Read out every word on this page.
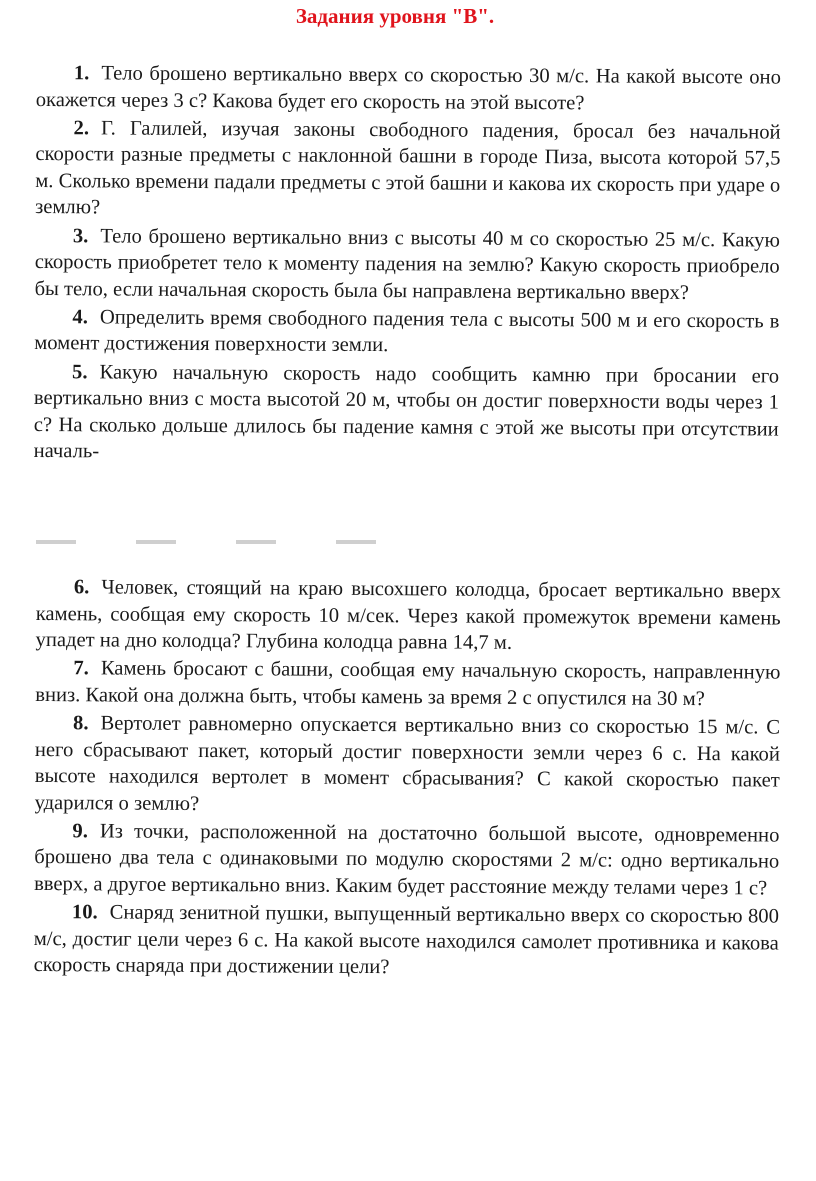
Задания уровня "В".

1. Тело брошено вертикально вверх со скоростью 30 м/с. На какой высоте оно окажется через 3 с? Какова будет его скорость на этой высоте?

2. Г. Галилей, изучая законы свободного падения, бросал без начальной скорости разные предметы с наклонной башни в городе Пиза, высота которой 57,5 м. Сколько времени падали предметы с этой башни и какова их скорость при ударе о землю?

3. Тело брошено вертикально вниз с высоты 40 м со скоростью 25 м/с. Какую скорость приобретет тело к моменту падения на землю? Какую скорость приобрело бы тело, если начальная скорость была бы направлена вертикально вверх?

4. Определить время свободного падения тела с высоты 500 м и его скорость в момент достижения поверхности земли.

5. Какую начальную скорость надо сообщить камню при бросании его вертикально вниз с моста высотой 20 м, чтобы он достиг поверхности воды через 1 с? На сколько дольше длилось бы падение камня с этой же высоты при отсутствии началь-

6. Человек, стоящий на краю высохшего колодца, бросает вертикально вверх камень, сообщая ему скорость 10 м/сек. Через какой промежуток времени камень упадет на дно колодца? Глубина колодца равна 14,7 м.

7. Камень бросают с башни, сообщая ему начальную скорость, направленную вниз. Какой она должна быть, чтобы камень за время 2 с опустился на 30 м?

8. Вертолет равномерно опускается вертикально вниз со скоростью 15 м/с. С него сбрасывают пакет, который достиг поверхности земли через 6 с. На какой высоте находился вертолет в момент сбрасывания? С какой скоростью пакет ударился о землю?

9. Из точки, расположенной на достаточно большой высоте, одновременно брошено два тела с одинаковыми по модулю скоростями 2 м/с: одно вертикально вверх, а другое вертикально вниз. Каким будет расстояние между телами через 1 с?

10. Снаряд зенитной пушки, выпущенный вертикально вверх со скоростью 800 м/с, достиг цели через 6 с. На какой высоте находился самолет противника и какова скорость снаряда при достижении цели?
